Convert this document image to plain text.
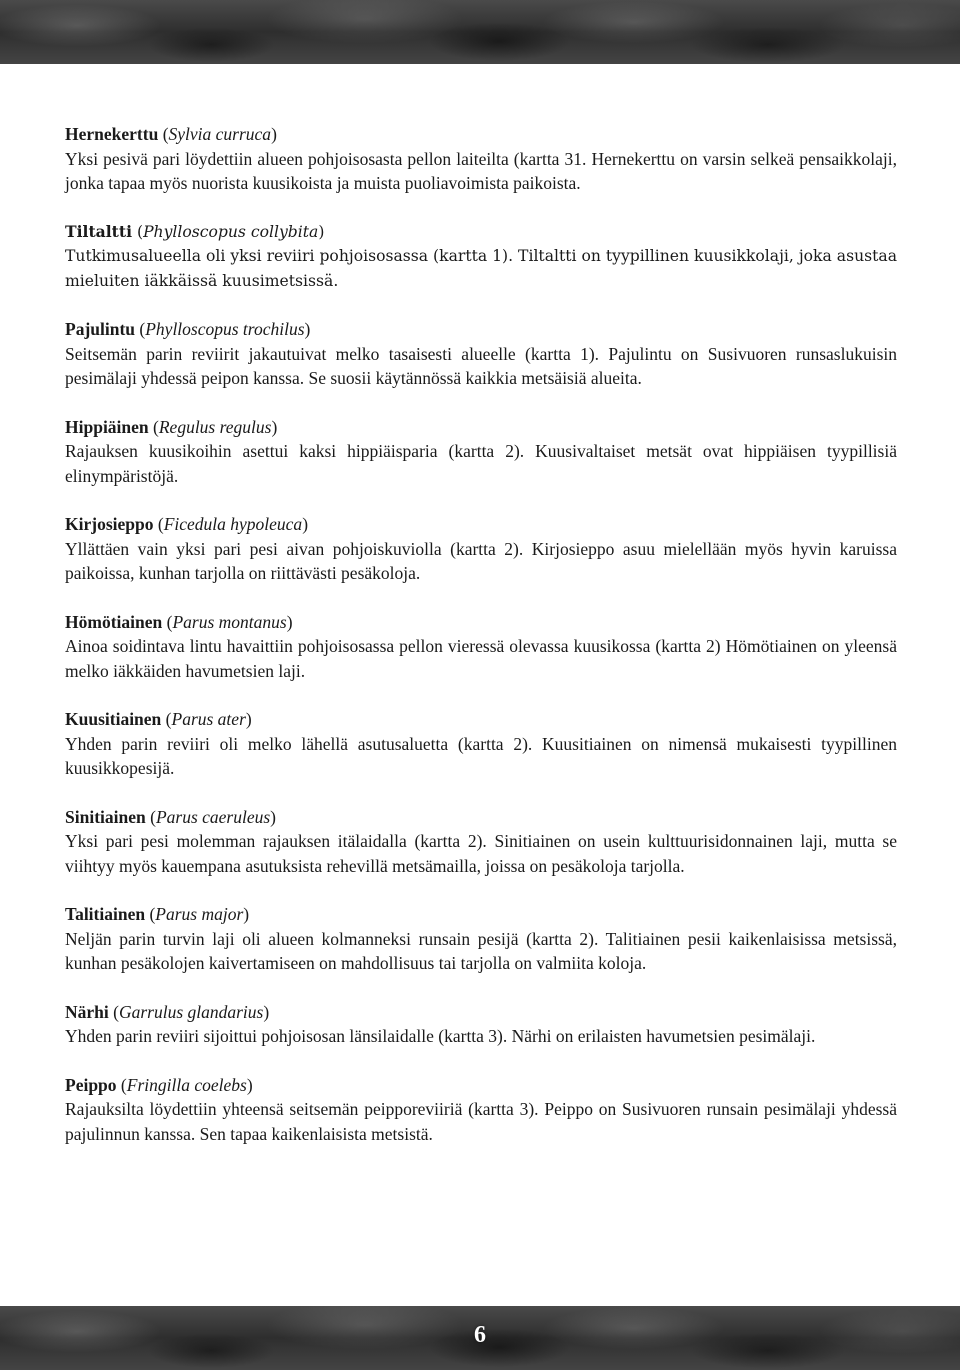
Hernekerttu (Sylvia curruca)

Yksi pesivä pari löydettiin alueen pohjoisosasta pellon laiteilta (kartta 31. Hernekerttu on varsin selkeä pensaikkolaji, jonka tapaa myös nuorista kuusikoista ja muista puoliavoimista paikoista.

Tiltaltti (Phylloscopus collybita)

Tutkimusalueella oli yksi reviiri pohjoisosassa (kartta 1). Tiltaltti on tyypillinen kuusikkolaji, joka asustaa mieluiten iäkkäissä kuusimetsissä.

Pajulintu (Phylloscopus trochilus)

Seitsemän parin reviirit jakautuivat melko tasaisesti alueelle (kartta 1). Pajulintu on Susivuoren runsaslukuisin pesimälaji yhdessä peipon kanssa. Se suosii käytännössä kaikkia metsäisiä alueita.

Hippiäinen (Regulus regulus)

Rajauksen kuusikoihin asettui kaksi hippiäisparia (kartta 2). Kuusivaltaiset metsät ovat hippiäisen tyypillisiä elinympäristöjä.

Kirjosieppo (Ficedula hypoleuca)

Yllättäen vain yksi pari pesi aivan pohjoiskuviolla (kartta 2). Kirjosieppo asuu mielellään myös hyvin karuissa paikoissa, kunhan tarjolla on riittävästi pesäkoloja.

Hömötiainen (Parus montanus)

Ainoa soidintava lintu havaittiin pohjoisosassa pellon vieressä olevassa kuusikossa (kartta 2) Hömötiainen on yleensä melko iäkkäiden havumetsien laji.

Kuusitiainen (Parus ater)

Yhden parin reviiri oli melko lähellä asutusaluetta (kartta 2). Kuusitiainen on nimensä mukaisesti tyypillinen kuusikkopesijä.

Sinitiainen (Parus caeruleus)

Yksi pari pesi molemman rajauksen itälaidalla (kartta 2). Sinitiainen on usein kulttuurisidonnainen laji, mutta se viihtyy myös kauempana asutuksista rehevillä metsämailla, joissa on pesäkoloja tarjolla.

Talitiainen (Parus major)

Neljän parin turvin laji oli alueen kolmanneksi runsain pesijä (kartta 2). Talitiainen pesii kaikenlaisissa metsissä, kunhan pesäkolojen kaivertamiseen on mahdollisuus tai tarjolla on valmiita koloja.

Närhi (Garrulus glandarius)

Yhden parin reviiri sijoittui pohjoisosan länsilaidalle (kartta 3). Närhi on erilaisten havumetsien pesimälaji.

Peippo (Fringilla coelebs)

Rajauksilta löydettiin yhteensä seitsemän peipporeviiriä (kartta 3). Peippo on Susivuoren runsain pesimälaji yhdessä pajulinnun kanssa. Sen tapaa kaikenlaisista metsistä.

6
